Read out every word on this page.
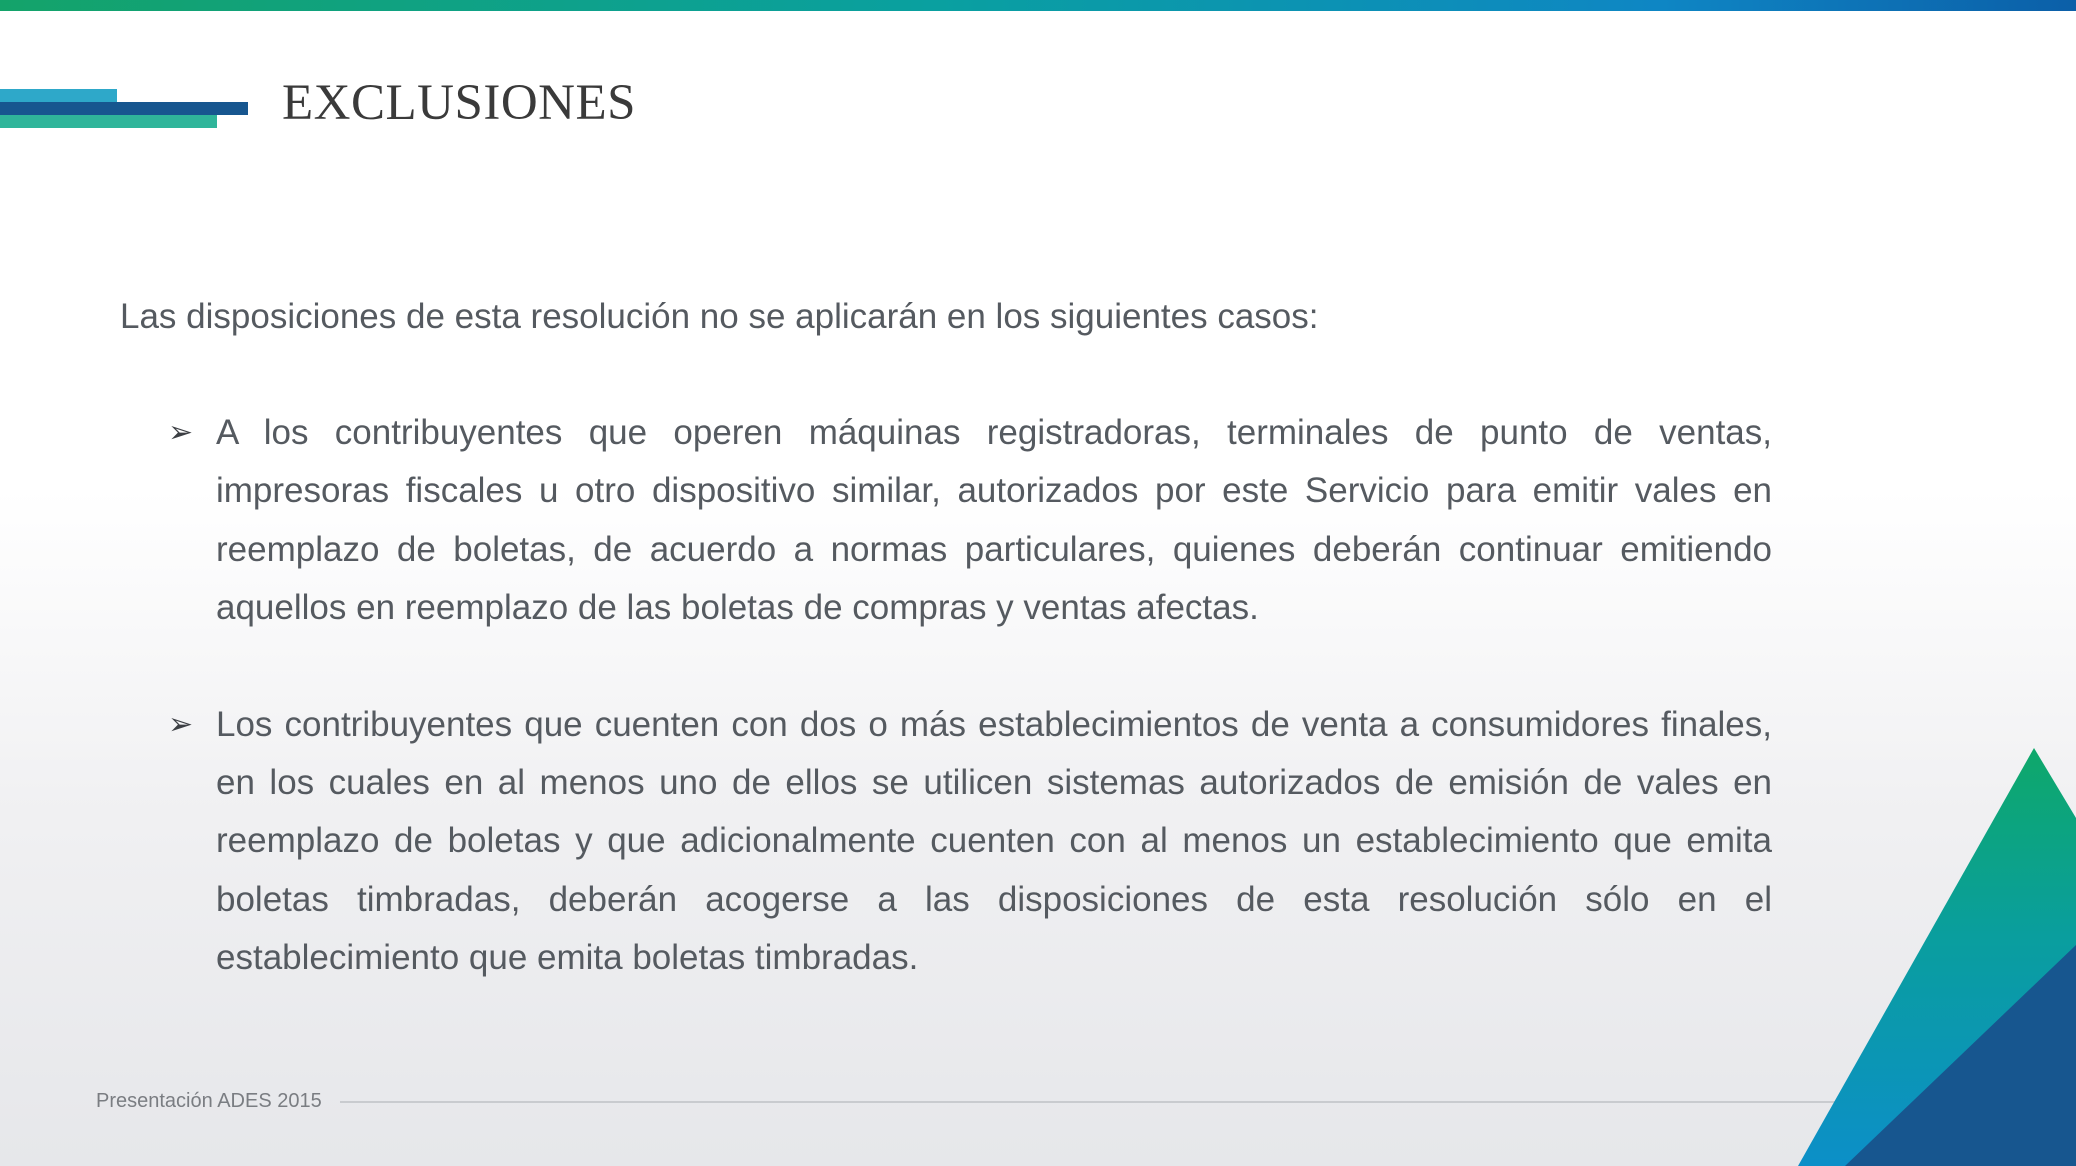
EXCLUSIONES
Las disposiciones de esta resolución no se aplicarán en los siguientes casos:
➢ A los contribuyentes que operen máquinas registradoras, terminales de punto de ventas, impresoras fiscales u otro dispositivo similar, autorizados por este Servicio para emitir vales en reemplazo de boletas, de acuerdo a normas particulares, quienes deberán continuar emitiendo aquellos en reemplazo de las boletas de compras y ventas afectas.
➢ Los contribuyentes que cuenten con dos o más establecimientos de venta a consumidores finales, en los cuales en al menos uno de ellos se utilicen sistemas autorizados de emisión de vales en reemplazo de boletas y que adicionalmente cuenten con al menos un establecimiento que emita boletas timbradas, deberán acogerse a las disposiciones de esta resolución sólo en el establecimiento que emita boletas timbradas.
Presentación ADES 2015
